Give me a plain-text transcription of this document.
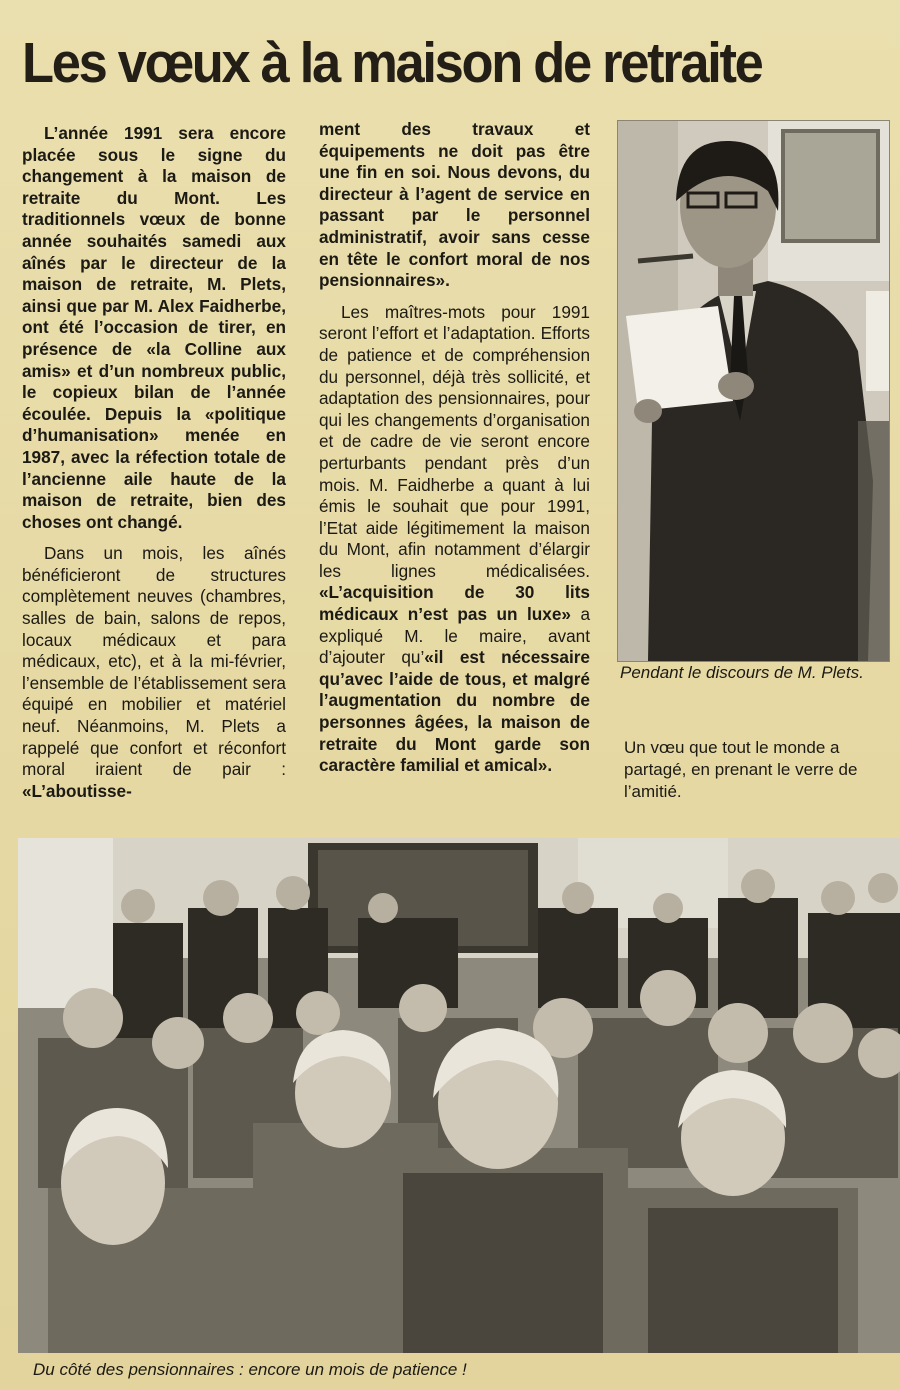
Les vœux à la maison de retraite

L’année 1991 sera encore placée sous le signe du changement à la maison de retraite du Mont. Les traditionnels vœux de bonne année souhaités samedi aux aînés par le directeur de la maison de retraite, M. Plets, ainsi que par M. Alex Faidherbe, ont été l’occasion de tirer, en présence de «la Colline aux amis» et d’un nombreux public, le copieux bilan de l’année écoulée. Depuis la «politique d’humanisation» menée en 1987, avec la réfection totale de l’ancienne aile haute de la maison de retraite, bien des choses ont changé.

Dans un mois, les aînés bénéficieront de structures complètement neuves (chambres, salles de bain, salons de repos, locaux médicaux et para médicaux, etc), et à la mi-février, l’ensemble de l’établissement sera équipé en mobilier et matériel neuf. Néanmoins, M. Plets a rappelé que confort et réconfort moral iraient de pair : «L’aboutisse-

ment des travaux et équipements ne doit pas être une fin en soi. Nous devons, du directeur à l’agent de service en passant par le personnel administratif, avoir sans cesse en tête le confort moral de nos pensionnaires».

Les maîtres-mots pour 1991 seront l’effort et l’adaptation. Efforts de patience et de compréhension du personnel, déjà très sollicité, et adaptation des pensionnaires, pour qui les changements d’organisation et de cadre de vie seront encore perturbants pendant près d’un mois. M. Faidherbe a quant à lui émis le souhait que pour 1991, l’Etat aide légitimement la maison du Mont, afin notamment d’élargir les lignes médicalisées. «L’acquisition de 30 lits médicaux n’est pas un luxe» a expliqué M. le maire, avant d’ajouter qu’«il est nécessaire qu’avec l’aide de tous, et malgré l’augmentation du nombre de personnes âgées, la maison de retraite du Mont garde son caractère familial et amical».

Pendant le discours de M. Plets.

Un vœu que tout le monde a partagé, en prenant le verre de l’amitié.

Du côté des pensionnaires : encore un mois de patience !
